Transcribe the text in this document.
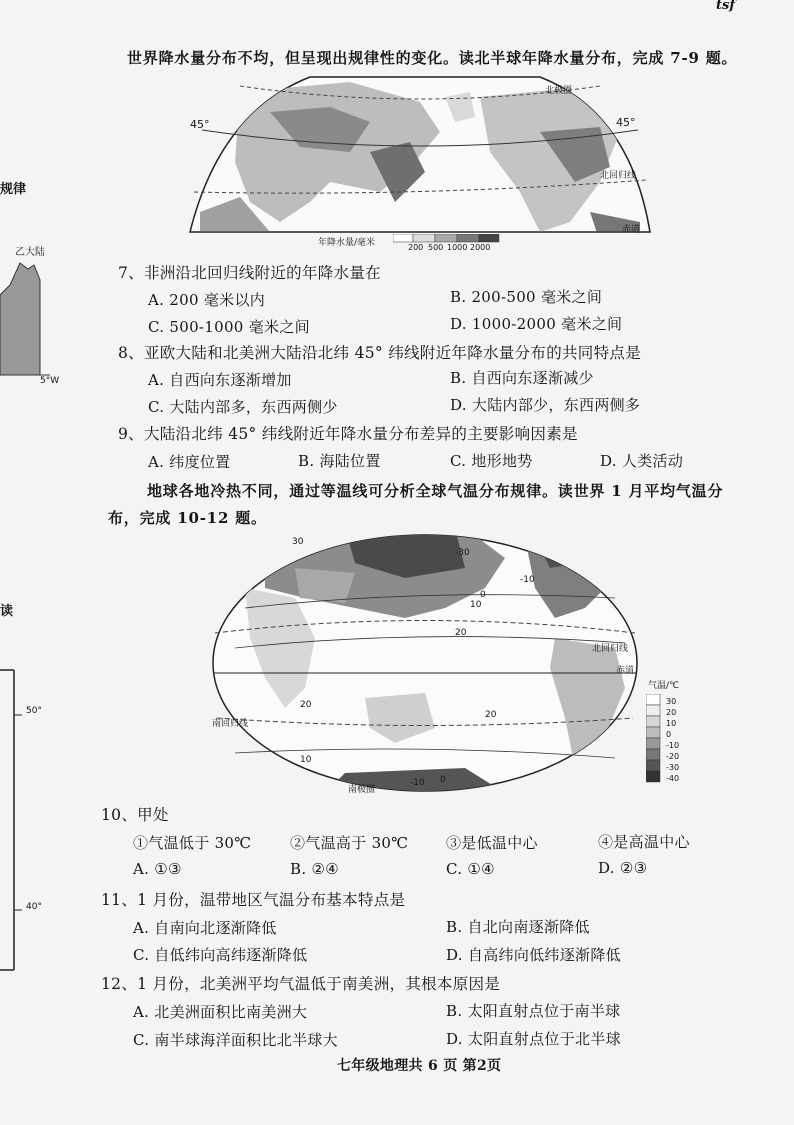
tsf
规律
乙大陆
5°W
读
50°
40°
世界降水量分布不均，但呈现出规律性的变化。读北半球年降水量分布，完成 7-9 题。
45°	45°
北极圈
北回归线
赤道
年降水量/毫米	200 500 1000 2000
7、非洲沿北回归线附近的年降水量在
A. 200 毫米以内	B. 200-500 毫米之间
C. 500-1000 毫米之间	D. 1000-2000 毫米之间
8、亚欧大陆和北美洲大陆沿北纬 45° 纬线附近年降水量分布的共同特点是
A. 自西向东逐渐增加	B. 自西向东逐渐减少
C. 大陆内部多，东西两侧少	D. 大陆内部少，东西两侧多
9、大陆沿北纬 45° 纬线附近年降水量分布差异的主要影响因素是
A. 纬度位置	B. 海陆位置	C. 地形地势	D. 人类活动
地球各地冷热不同，通过等温线可分析全球气温分布规律。读世界 1 月平均气温分
布，完成 10-12 题。
-30
-10
0
10
20
20
20
10
0
-10
30
北回归线
赤道
南回归线
南极圈
气温/℃
30
20
10
0
-10
-20
-30
-40
10、甲处
①气温低于 30℃	②气温高于 30℃	③是低温中心	④是高温中心
A. ①③	B. ②④	C. ①④	D. ②③
11、1 月份，温带地区气温分布基本特点是
A. 自南向北逐渐降低	B. 自北向南逐渐降低
C. 自低纬向高纬逐渐降低	D. 自高纬向低纬逐渐降低
12、1 月份，北美洲平均气温低于南美洲，其根本原因是
A. 北美洲面积比南美洲大	B. 太阳直射点位于南半球
C. 南半球海洋面积比北半球大	D. 太阳直射点位于北半球
七年级地理共 6 页 第2页
